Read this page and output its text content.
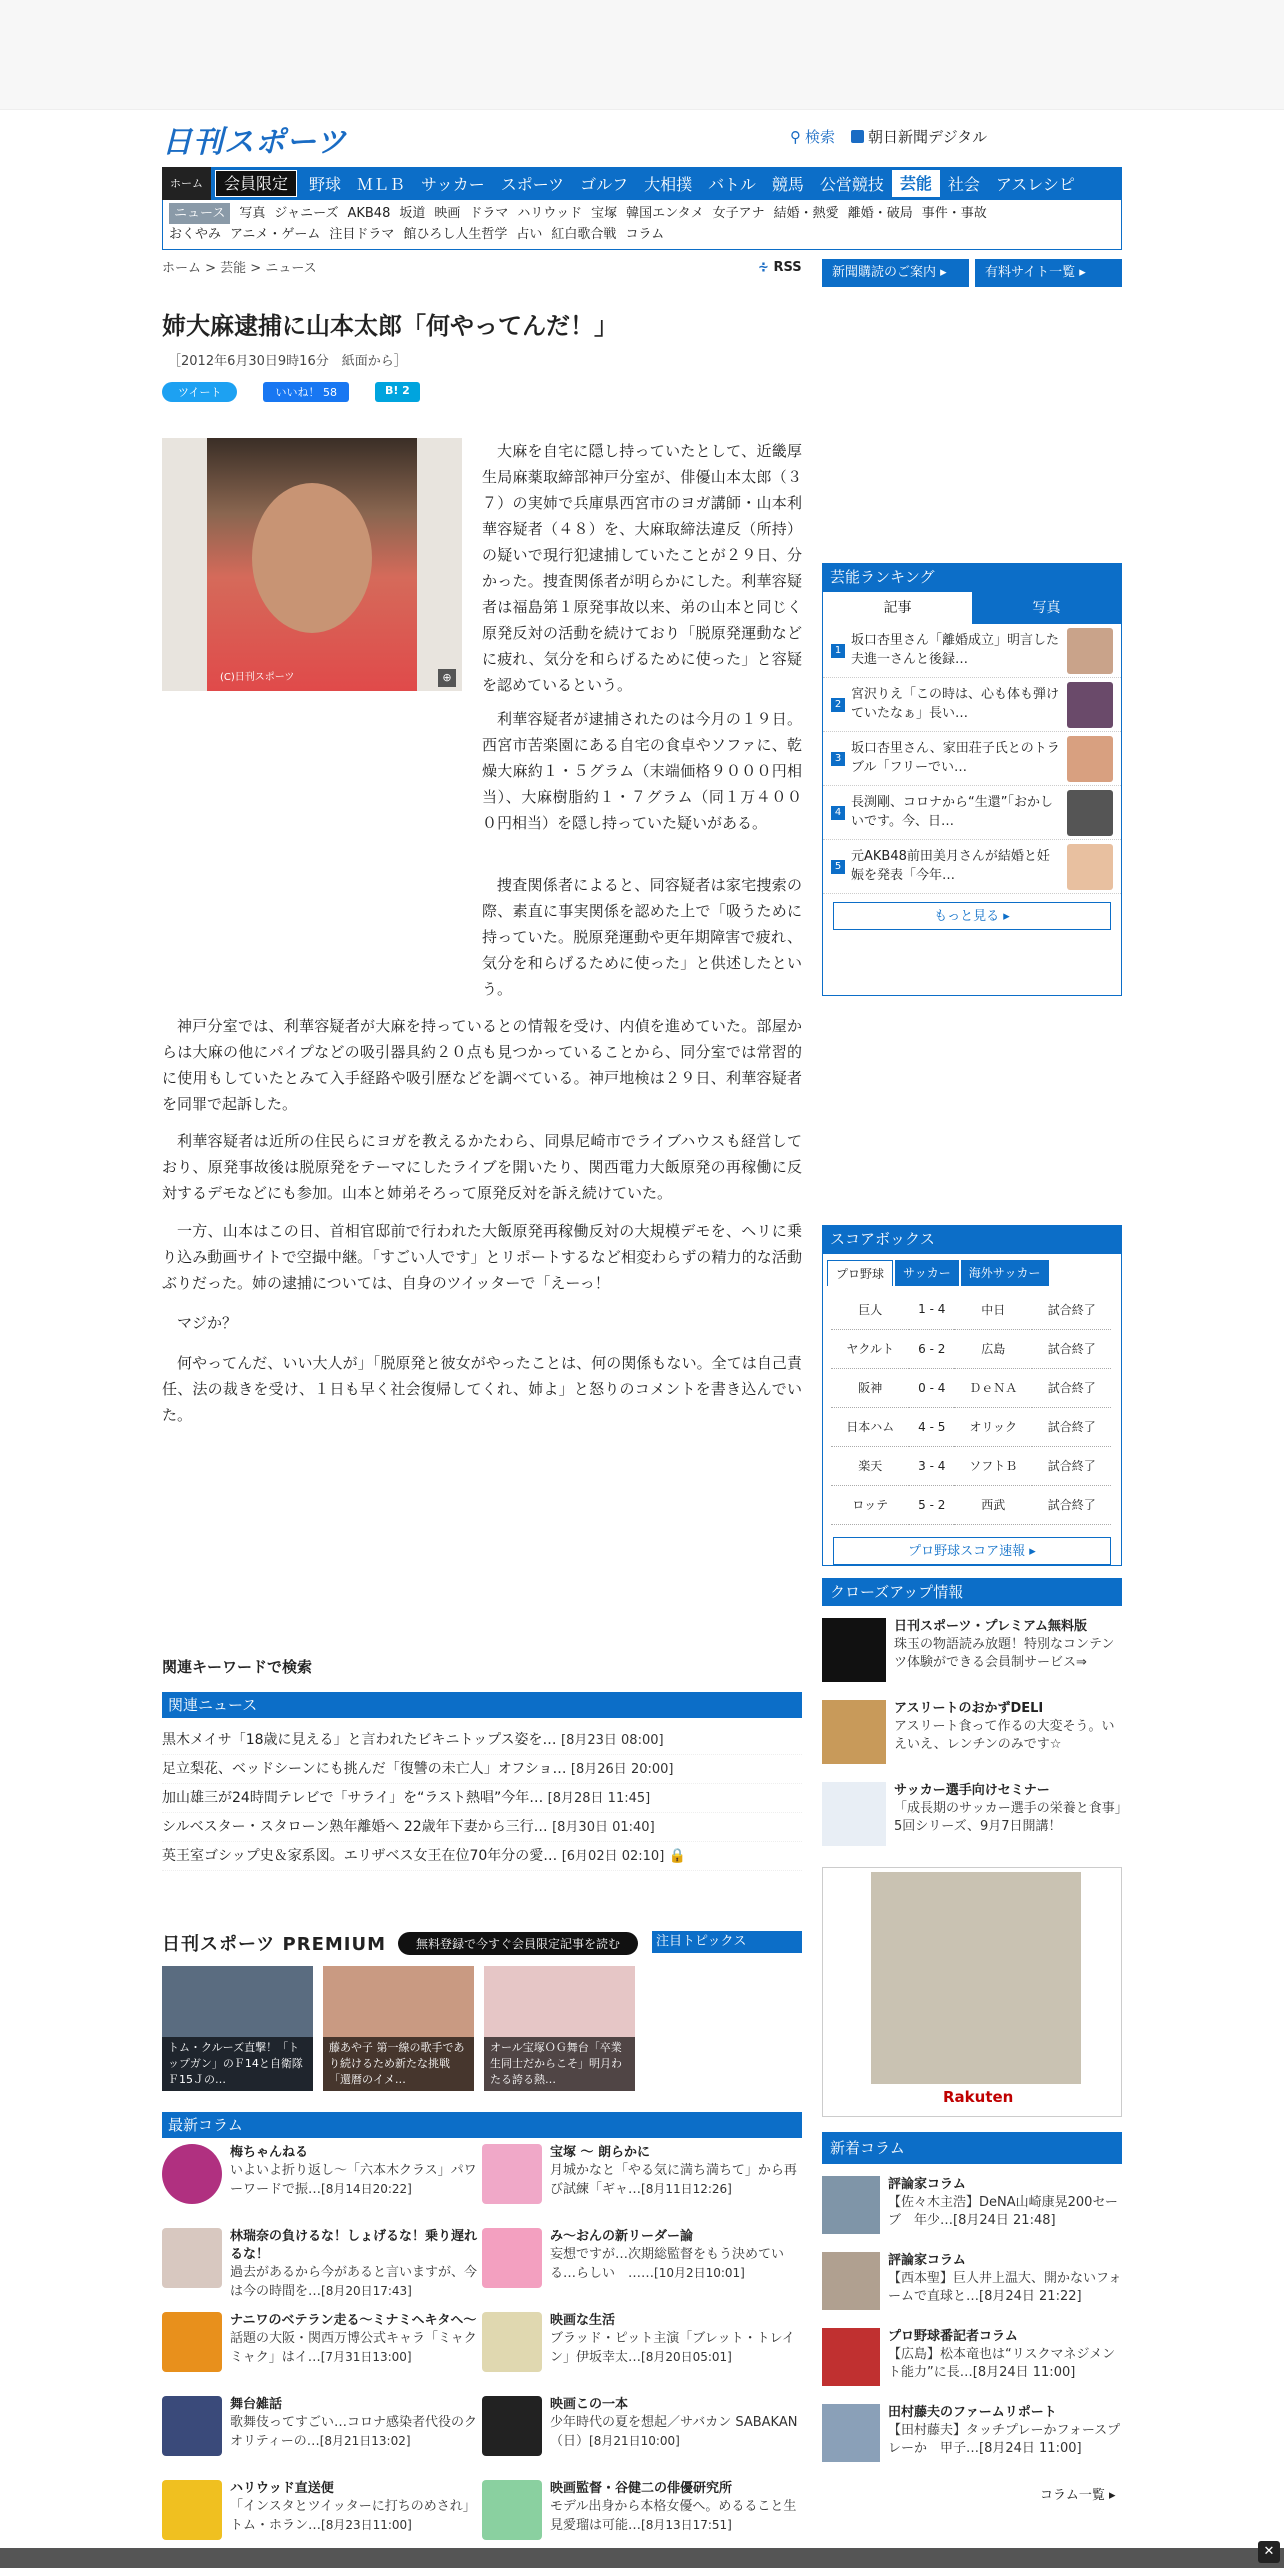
日刊スポーツ	⚲ 検索 朝日新聞デジタル
ホーム	会員限定	野球	ＭＬＢ	サッカー	スポーツ	ゴルフ	大相撲	バトル	競馬	公営競技	芸能	社会	アスレシピ
ニュース 写真 ジャニーズ AKB48 坂道 映画 ドラマ ハリウッド 宝塚 韓国エンタメ 女子アナ 結婚・熱愛 離婚・破局 事件・事故
おくやみ アニメ・ゲーム 注目ドラマ 館ひろし人生哲学 占い 紅白歌合戦 コラム
ホーム > 芸能 > ニュース	∻ RSS
姉大麻逮捕に山本太郎「何やってんだ！」
［2012年6月30日9時16分　紙面から］
ツイート	いいね！ 58	B! 2
(C)日刊スポーツ	⊕

大麻を自宅に隠し持っていたとして、近畿厚生局麻薬取締部神戸分室が、俳優山本太郎（３７）の実姉で兵庫県西宮市のヨガ講師・山本利華容疑者（４８）を、大麻取締法違反（所持）の疑いで現行犯逮捕していたことが２９日、分かった。捜査関係者が明らかにした。利華容疑者は福島第１原発事故以来、弟の山本と同じく原発反対の活動を続けており「脱原発運動などに疲れ、気分を和らげるために使った」と容疑を認めているという。

利華容疑者が逮捕されたのは今月の１９日。西宮市苦楽園にある自宅の食卓やソファに、乾燥大麻約１・５グラム（末端価格９０００円相当）、大麻樹脂約１・７グラム（同１万４０００円相当）を隠し持っていた疑いがある。

捜査関係者によると、同容疑者は家宅捜索の際、素直に事実関係を認めた上で「吸うために持っていた。脱原発運動や更年期障害で疲れ、気分を和らげるために使った」と供述したという。

神戸分室では、利華容疑者が大麻を持っているとの情報を受け、内偵を進めていた。部屋からは大麻の他にパイプなどの吸引器具約２０点も見つかっていることから、同分室では常習的に使用もしていたとみて入手経路や吸引歴などを調べている。神戸地検は２９日、利華容疑者を同罪で起訴した。

利華容疑者は近所の住民らにヨガを教えるかたわら、同県尼崎市でライブハウスも経営しており、原発事故後は脱原発をテーマにしたライブを開いたり、関西電力大飯原発の再稼働に反対するデモなどにも参加。山本と姉弟そろって原発反対を訴え続けていた。

一方、山本はこの日、首相官邸前で行われた大飯原発再稼働反対の大規模デモを、ヘリに乗り込み動画サイトで空撮中継。「すごい人です」とリポートするなど相変わらずの精力的な活動ぶりだった。姉の逮捕については、自身のツイッターで「えーっ！

マジか？

何やってんだ、いい大人が」「脱原発と彼女がやったことは、何の関係もない。全ては自己責任、法の裁きを受け、１日も早く社会復帰してくれ、姉よ」と怒りのコメントを書き込んでいた。

関連キーワードで検索
関連ニュース
黒木メイサ「18歳に見える」と言われたビキニトップス姿を… [8月23日 08:00]
足立梨花、ベッドシーンにも挑んだ「復讐の未亡人」オフショ… [8月26日 20:00]
加山雄三が24時間テレビで「サライ」を“ラスト熱唱”今年… [8月28日 11:45]
シルベスター・スタローン熟年離婚へ 22歳年下妻から三行… [8月30日 01:40]
英王室ゴシップ史＆家系図。エリザベス女王在位70年分の愛… [6月02日 02:10] 🔒
日刊スポーツ PREMIUM	無料登録で今すぐ会員限定記事を読む	注目トピックス
トム・クルーズ直撃！「トップガン」のＦ14と自衛隊Ｆ15Ｊの…
藤あや子 第一線の歌手であり続けるため新たな挑戦「還暦のイメ…
オール宝塚ＯＧ舞台「卒業生同士だからこそ」明月わたる誇る熱…
最新コラム
梅ちゃんねる
いよいよ折り返し～「六本木クラス」パワーワードで振…[8月14日20:22]
宝塚 ～ 朗らかに
月城かなと「やる気に満ち満ちて」から再び試練「ギャ…[8月11日12:26]
林瑞奈の負けるな！しょげるな！乗り遅れるな！
過去があるから今があると言いますが、今は今の時間を…[8月20日17:43]
み～おんの新リーダー論
妄想ですが…次期総監督をもう決めている…らしい　……[10月2日10:01]
ナニワのベテラン走る～ミナミヘキタヘ～
話題の大阪・関西万博公式キャラ「ミャクミャク」はイ…[7月31日13:00]
映画な生活
ブラッド・ピット主演「ブレット・トレイン」伊坂幸太…[8月20日05:01]
舞台雑話
歌舞伎ってすごい…コロナ感染者代役のクオリティーの…[8月21日13:02]
映画この一本
少年時代の夏を想起／サバカン SABAKAN（日）[8月21日10:00]
ハリウッド直送便
「インスタとツイッターに打ちのめされ」トム・ホラン…[8月23日11:00]
映画監督・谷健二の俳優研究所
モデル出身から本格女優へ。めるること生見愛瑠は可能…[8月13日17:51]
新聞購読のご案内 ▸	有料サイト一覧 ▸
芸能ランキング
記事	写真
1
坂口杏里さん「離婚成立」明言した夫進一さんと後録…
2
宮沢りえ「この時は、心も体も弾けていたなぁ」長い…
3
坂口杏里さん、家田荘子氏とのトラブル「フリーでい…
4
長渕剛、コロナから“生還”「おかしいです。今、日…
5
元AKB48前田美月さんが結婚と妊娠を発表「今年…
もっと見る ▸
スコアボックス
プロ野球	サッカー	海外サッカー
巨人	1 - 4	中日	試合終了
ヤクルト	6 - 2	広島	試合終了
阪神	0 - 4	ＤｅＮＡ	試合終了
日本ハム	4 - 5	オリック	試合終了
楽天	3 - 4	ソフトＢ	試合終了
ロッテ	5 - 2	西武	試合終了
プロ野球スコア速報 ▸
クローズアップ情報
日刊スポーツ・プレミアム無料版
珠玉の物語読み放題！特別なコンテンツ体験ができる会員制サービス⇒
アスリートのおかずDELI
アスリート食って作るの大変そう。いえいえ、レンチンのみです☆
サッカー選手向けセミナー
「成長期のサッカー選手の栄養と食事」5回シリーズ、9月7日開講！
Rakuten
新着コラム
評論家コラム
【佐々木主浩】DeNA山崎康晃200セーブ　年少…[8月24日 21:48]
評論家コラム
【西本聖】巨人井上温大、開かないフォームで直球と…[8月24日 21:22]
プロ野球番記者コラム
【広島】松本竜也は“リスクマネジメント能力”に長…[8月24日 11:00]
田村藤夫のファームリポート
【田村藤夫】タッチプレーかフォースプレーか　甲子…[8月24日 11:00]
コラム一覧 ▸
✕
